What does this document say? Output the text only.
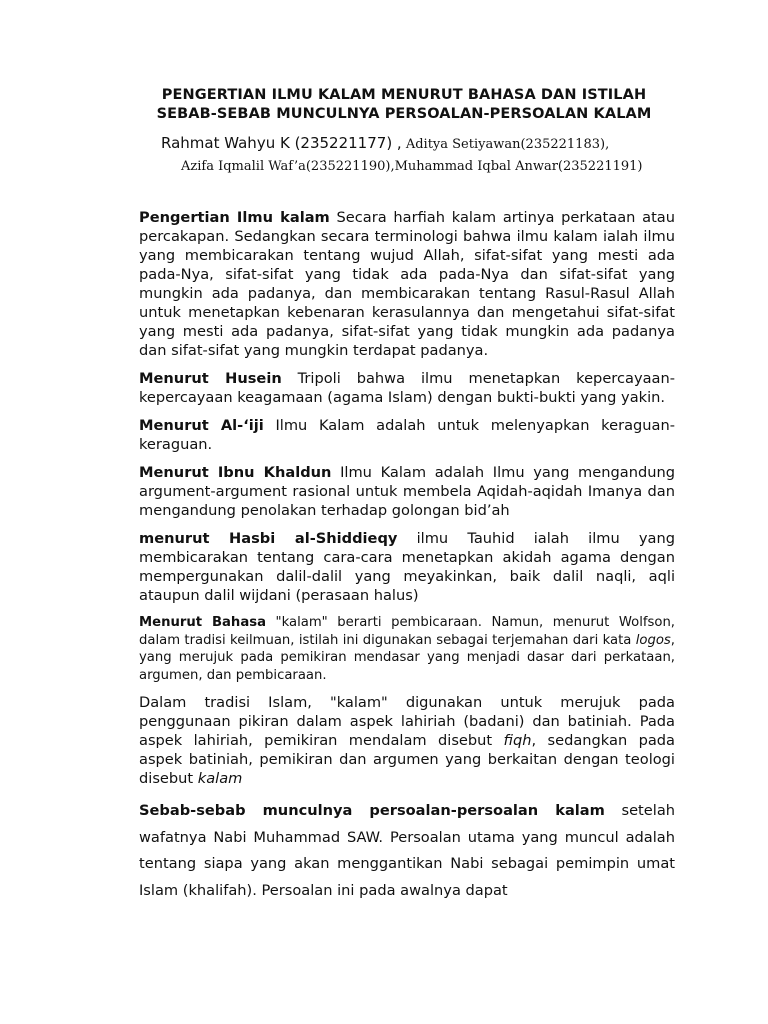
PENGERTIAN ILMU KALAM MENURUT BAHASA DAN ISTILAH
SEBAB-SEBAB MUNCULNYA PERSOALAN-PERSOALAN KALAM
Rahmat Wahyu K (235221177) , Aditya Setiyawan(235221183),
Azifa Iqmalil Waf’a(235221190),Muhammad Iqbal Anwar(235221191)

Pengertian Ilmu kalam Secara harfiah kalam artinya perkataan atau percakapan. Sedangkan secara terminologi bahwa ilmu kalam ialah ilmu yang membicarakan tentang wujud Allah, sifat-sifat yang mesti ada pada-Nya, sifat-sifat yang tidak ada pada-Nya dan sifat-sifat yang mungkin ada padanya, dan membicarakan tentang Rasul-Rasul Allah untuk menetapkan kebenaran kerasulannya dan mengetahui sifat-sifat yang mesti ada padanya, sifat-sifat yang tidak mungkin ada padanya dan sifat-sifat yang mungkin terdapat padanya.

Menurut Husein Tripoli bahwa ilmu menetapkan kepercayaan-kepercayaan keagamaan (agama Islam) dengan bukti-bukti yang yakin.

Menurut Al-‘iji Ilmu Kalam adalah untuk melenyapkan keraguan-keraguan.

Menurut Ibnu Khaldun Ilmu Kalam adalah Ilmu yang mengandung argument-argument rasional untuk membela Aqidah-aqidah Imanya dan mengandung penolakan terhadap golongan bid’ah

menurut Hasbi al-Shiddieqy ilmu Tauhid ialah ilmu yang membicarakan tentang cara-cara menetapkan akidah agama dengan mempergunakan dalil-dalil yang meyakinkan, baik dalil naqli, aqli ataupun dalil wijdani (perasaan halus)

Menurut Bahasa "kalam" berarti pembicaraan. Namun, menurut Wolfson, dalam tradisi keilmuan, istilah ini digunakan sebagai terjemahan dari kata logos, yang merujuk pada pemikiran mendasar yang menjadi dasar dari perkataan, argumen, dan pembicaraan.

Dalam tradisi Islam, "kalam" digunakan untuk merujuk pada penggunaan pikiran dalam aspek lahiriah (badani) dan batiniah. Pada aspek lahiriah, pemikiran mendalam disebut fiqh, sedangkan pada aspek batiniah, pemikiran dan argumen yang berkaitan dengan teologi disebut kalam

Sebab-sebab munculnya persoalan-persoalan kalam setelah wafatnya Nabi Muhammad SAW. Persoalan utama yang muncul adalah tentang siapa yang akan menggantikan Nabi sebagai pemimpin umat Islam (khalifah). Persoalan ini pada awalnya dapat
